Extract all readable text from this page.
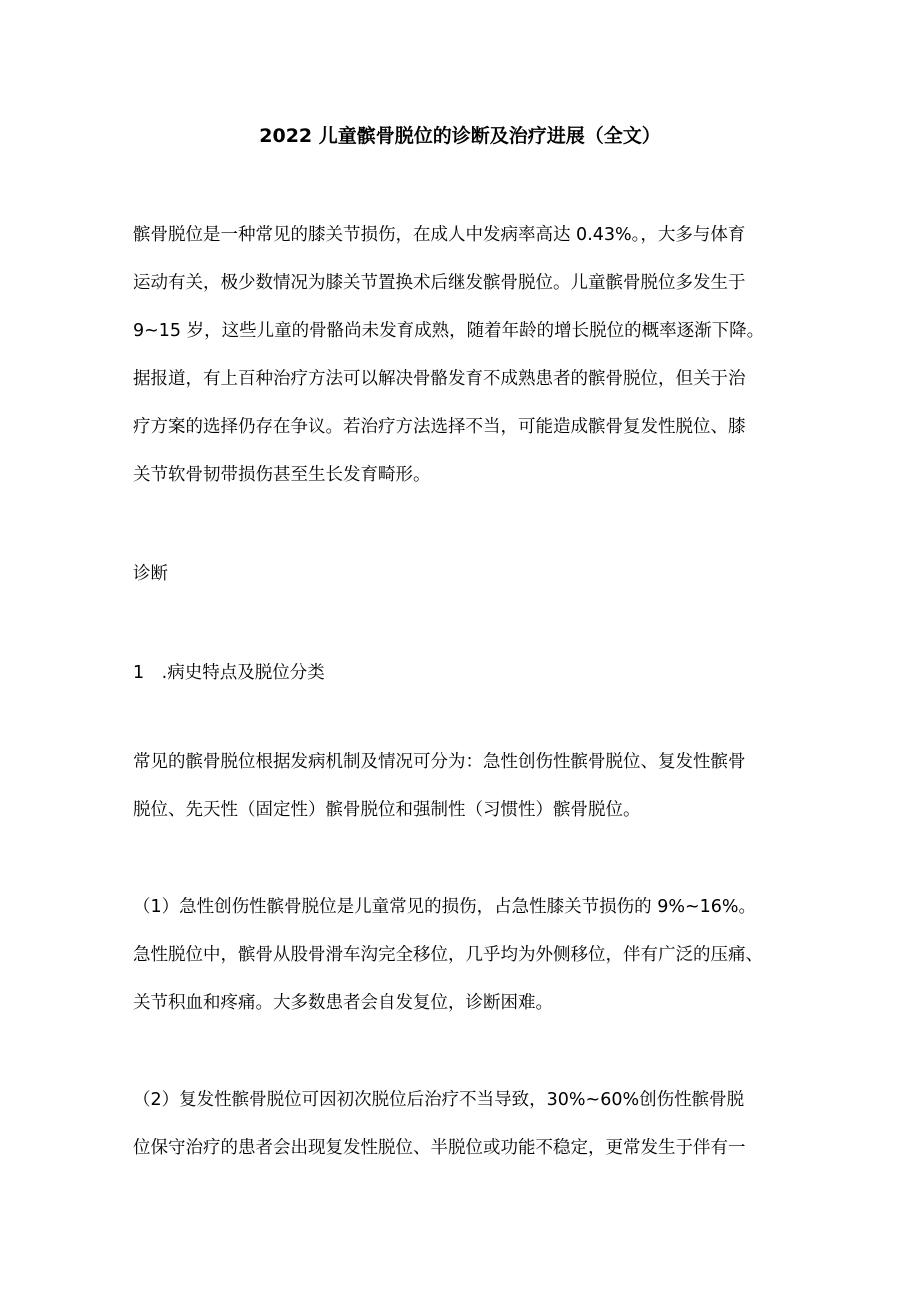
2022 儿童髌骨脱位的诊断及治疗进展（全文）
髌骨脱位是一种常见的膝关节损伤，在成人中发病率高达 0.43%。，大多与体育
运动有关，极少数情况为膝关节置换术后继发髌骨脱位。儿童髌骨脱位多发生于
9~15 岁，这些儿童的骨骼尚未发育成熟，随着年龄的增长脱位的概率逐渐下降。
据报道，有上百种治疗方法可以解决骨骼发育不成熟患者的髌骨脱位，但关于治
疗方案的选择仍存在争议。若治疗方法选择不当，可能造成髌骨复发性脱位、膝
关节软骨韧带损伤甚至生长发育畸形。
诊断
1　.病史特点及脱位分类
常见的髌骨脱位根据发病机制及情况可分为：急性创伤性髌骨脱位、复发性髌骨
脱位、先天性（固定性）髌骨脱位和强制性（习惯性）髌骨脱位。
（1）急性创伤性髌骨脱位是儿童常见的损伤，占急性膝关节损伤的 9%~16%。
急性脱位中，髌骨从股骨滑车沟完全移位，几乎均为外侧移位，伴有广泛的压痛、
关节积血和疼痛。大多数患者会自发复位，诊断困难。
（2）复发性髌骨脱位可因初次脱位后治疗不当导致，30%~60%创伤性髌骨脱
位保守治疗的患者会出现复发性脱位、半脱位或功能不稳定，更常发生于伴有一
